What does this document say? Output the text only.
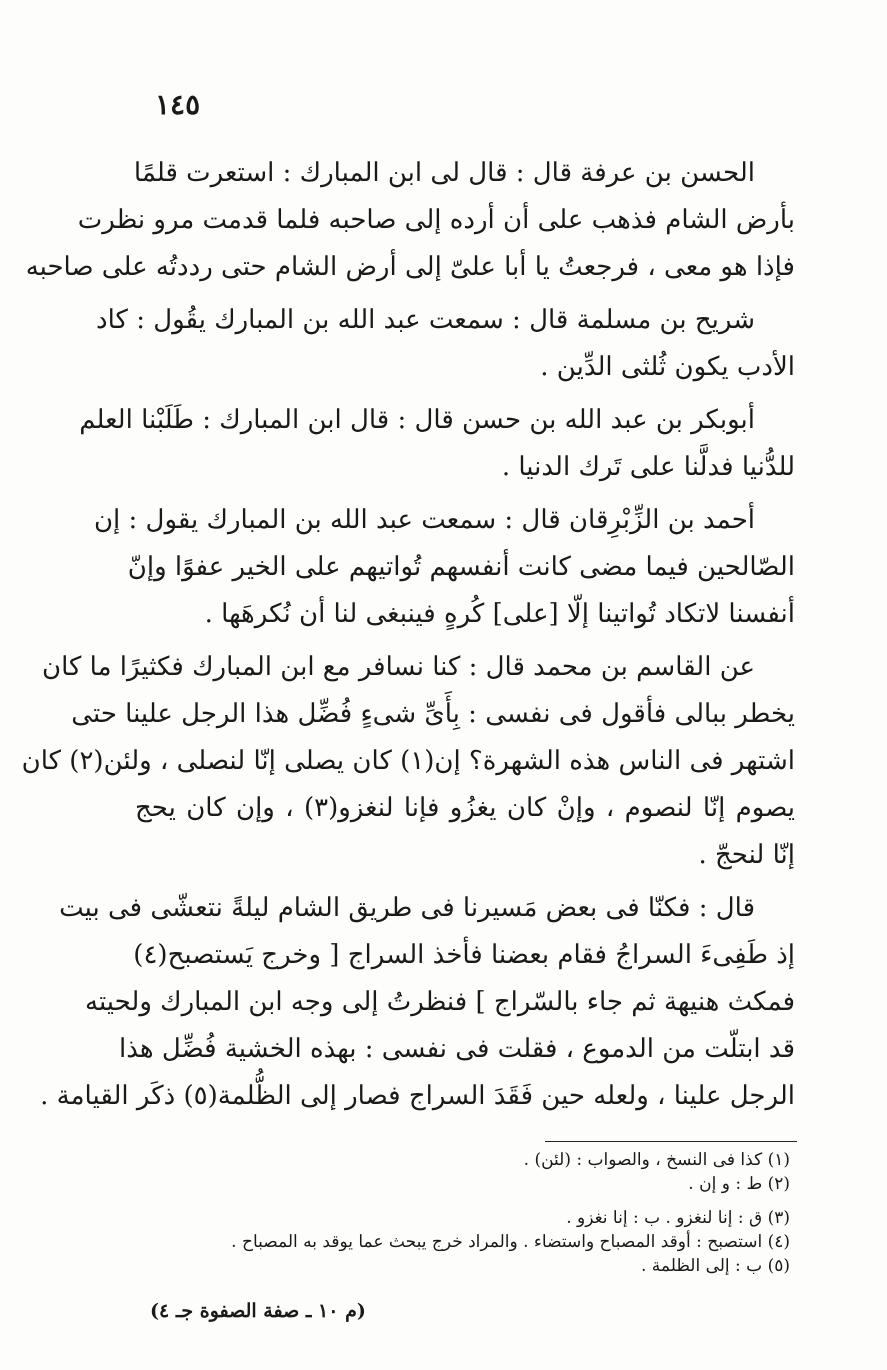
١٤٥
الحسن بن عرفة قال : قال لى ابن المبارك : استعرت قلمًا
بأرض الشام فذهب على أن أرده إلى صاحبه فلما قدمت مرو نظرت
فإذا هو معى ، فرجعتُ يا أبا علىّ إلى أرض الشام حتى رددتُه على صاحبه
شريح بن مسلمة قال : سمعت عبد الله بن المبارك يقُول : كاد
الأدب يكون ثُلثى الدِّين .
أبوبكر بن عبد الله بن حسن قال : قال ابن المبارك : طَلَبْنا العلم
للدُّنيا فدلَّنا على تَرك الدنيا .
أحمد بن الزِّبْرِقان قال : سمعت عبد الله بن المبارك يقول : إن
الصّالحين فيما مضى كانت أنفسهم تُواتيهم على الخير عفوًا وإنّ
أنفسنا لاتكاد تُواتينا إلّا [على] كُرهٍ فينبغى لنا أن نُكرهَها .
عن القاسم بن محمد قال : كنا نسافر مع ابن المبارك فكثيرًا ما كان
يخطر ببالى فأقول فى نفسى : بِأَىِّ شىءٍ فُضِّل هذا الرجل علينا حتى
اشتهر فى الناس هذه الشهرة؟ إن(١) كان يصلى إنّا لنصلى ، ولئن(٢) كان
يصوم إنّا لنصوم ، وإنْ كان يغزُو فإنا لنغزو(٣) ، وإن كان يحج
إنّا لنحجّ .
قال : فكنّا فى بعض مَسيرنا فى طريق الشام ليلةً نتعشّى فى بيت
إذ طَفِىءَ السراجُ فقام بعضنا فأخذ السراج [ وخرج يَستصبح(٤)
فمكث هنيهة ثم جاء بالسّراج ] فنظرتُ إلى وجه ابن المبارك ولحيته
قد ابتلّت من الدموع ، فقلت فى نفسى : بهذه الخشية فُضِّل هذا
الرجل علينا ، ولعله حين فَقَدَ السراج فصار إلى الظُّلمة(٥) ذكَر القيامة .
(١) كذا فى النسخ ، والصواب : (لئن) .
(٢) ط : و إن .
(٣) ق : إنا لنغزو . ب : إنا نغزو .
(٤) استصبح : أوقد المصباح واستضاء . والمراد خرج يبحث عما يوقد به المصباح .
(٥) ب : إلى الظلمة .
(م ١٠ ـ صفة الصفوة جـ ٤)
